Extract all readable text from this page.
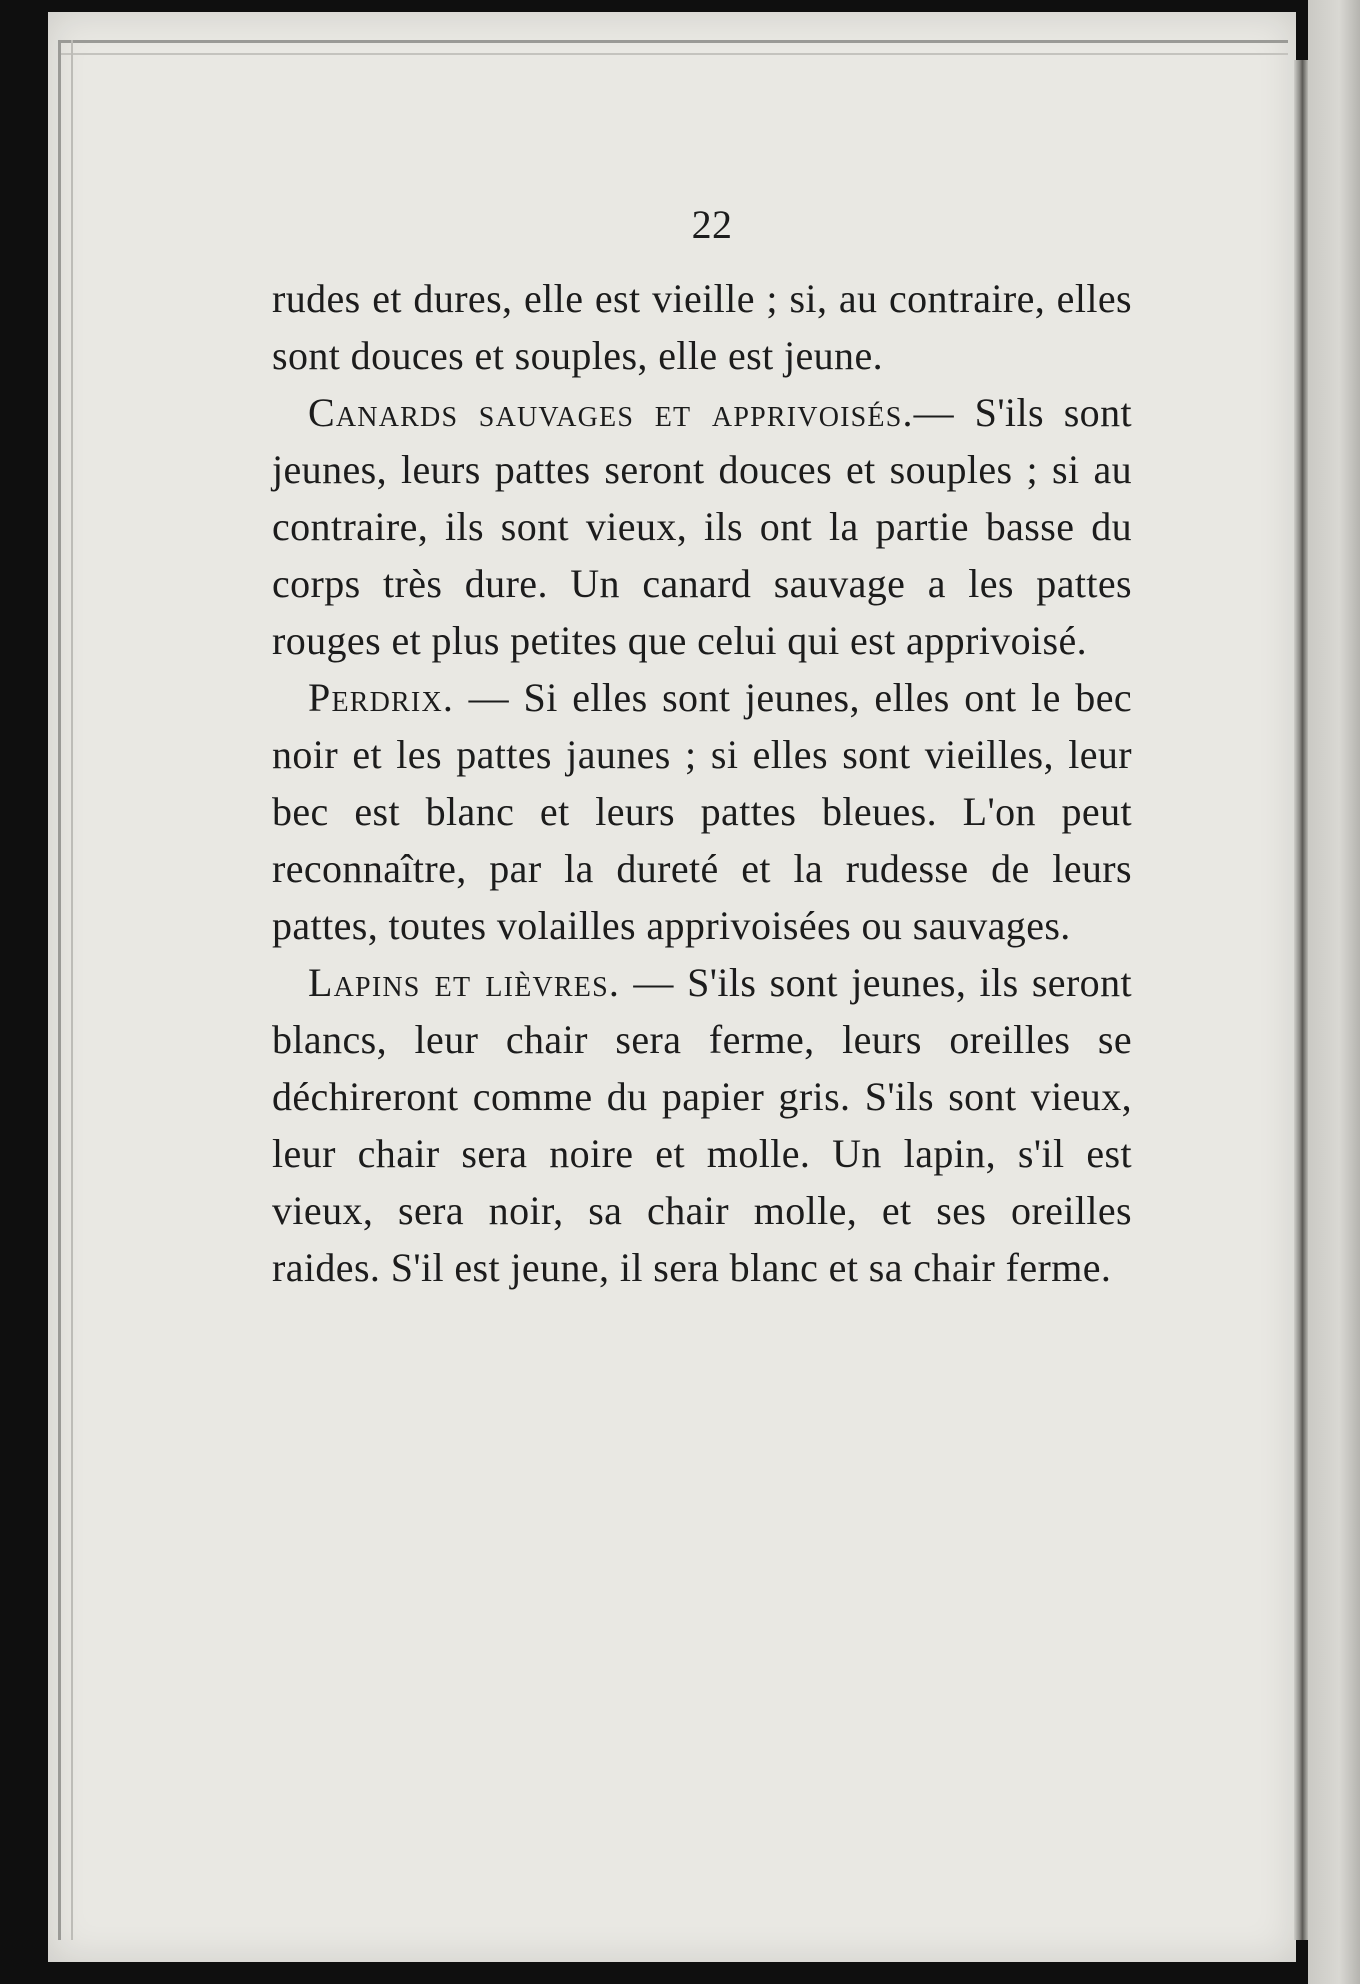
22

rudes et dures, elle est vieille ; si, au contraire, elles sont douces et souples, elle est jeune.

Canards sauvages et apprivoisés.— S'ils sont jeunes, leurs pattes seront douces et souples ; si au contraire, ils sont vieux, ils ont la partie basse du corps très dure. Un canard sauvage a les pattes rouges et plus petites que celui qui est apprivoisé.

Perdrix. — Si elles sont jeunes, elles ont le bec noir et les pattes jaunes ; si elles sont vieilles, leur bec est blanc et leurs pattes bleues. L'on peut reconnaître, par la dureté et la rudesse de leurs pattes, toutes volailles apprivoisées ou sauvages.

Lapins et lièvres. — S'ils sont jeunes, ils seront blancs, leur chair sera ferme, leurs oreilles se déchireront comme du papier gris. S'ils sont vieux, leur chair sera noire et molle. Un lapin, s'il est vieux, sera noir, sa chair molle, et ses oreilles raides. S'il est jeune, il sera blanc et sa chair ferme.
